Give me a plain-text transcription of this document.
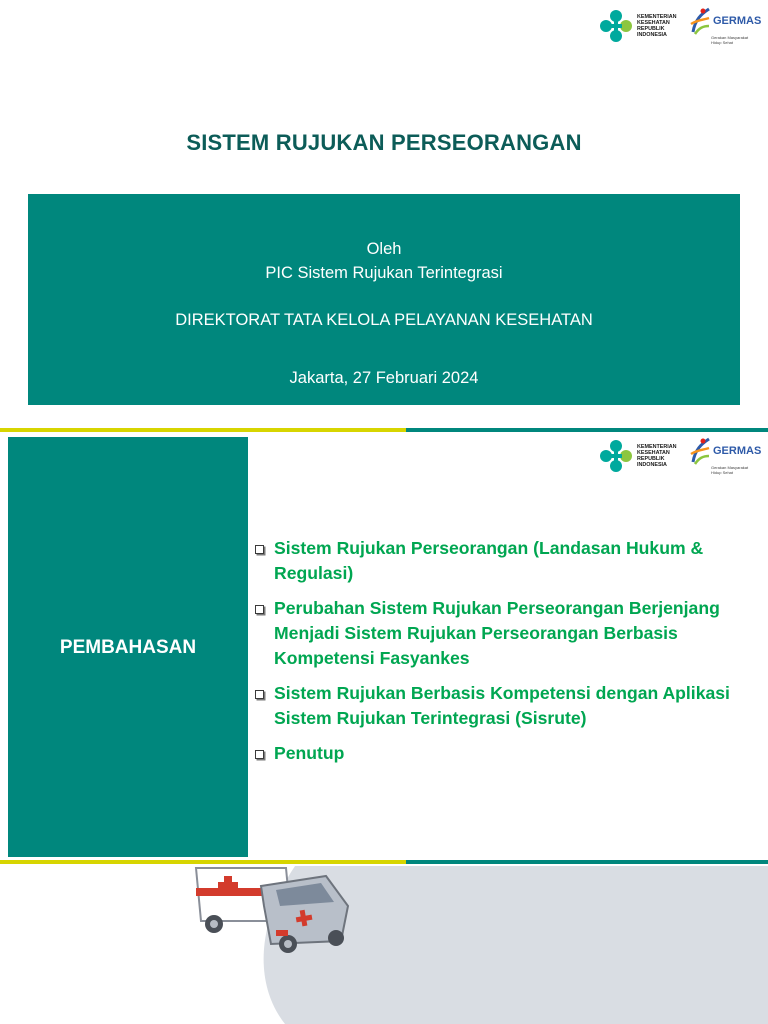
KEMENTERIAN
KESEHATAN
REPUBLIK
INDONESIA
GERMAS
Gerakan Masyarakat
Hidup Sehat
SISTEM RUJUKAN PERSEORANGAN
Oleh
PIC Sistem Rujukan Terintegrasi
DIREKTORAT TATA KELOLA PELAYANAN KESEHATAN
Jakarta, 27 Februari 2024
KEMENTERIAN
KESEHATAN
REPUBLIK
INDONESIA
GERMAS
Gerakan Masyarakat
Hidup Sehat
PEMBAHASAN
Sistem Rujukan Perseorangan (Landasan Hukum & Regulasi)
Perubahan Sistem Rujukan Perseorangan Berjenjang Menjadi Sistem Rujukan Perseorangan Berbasis Kompetensi Fasyankes
Sistem Rujukan Berbasis Kompetensi dengan Aplikasi Sistem Rujukan Terintegrasi (Sisrute)
Penutup
